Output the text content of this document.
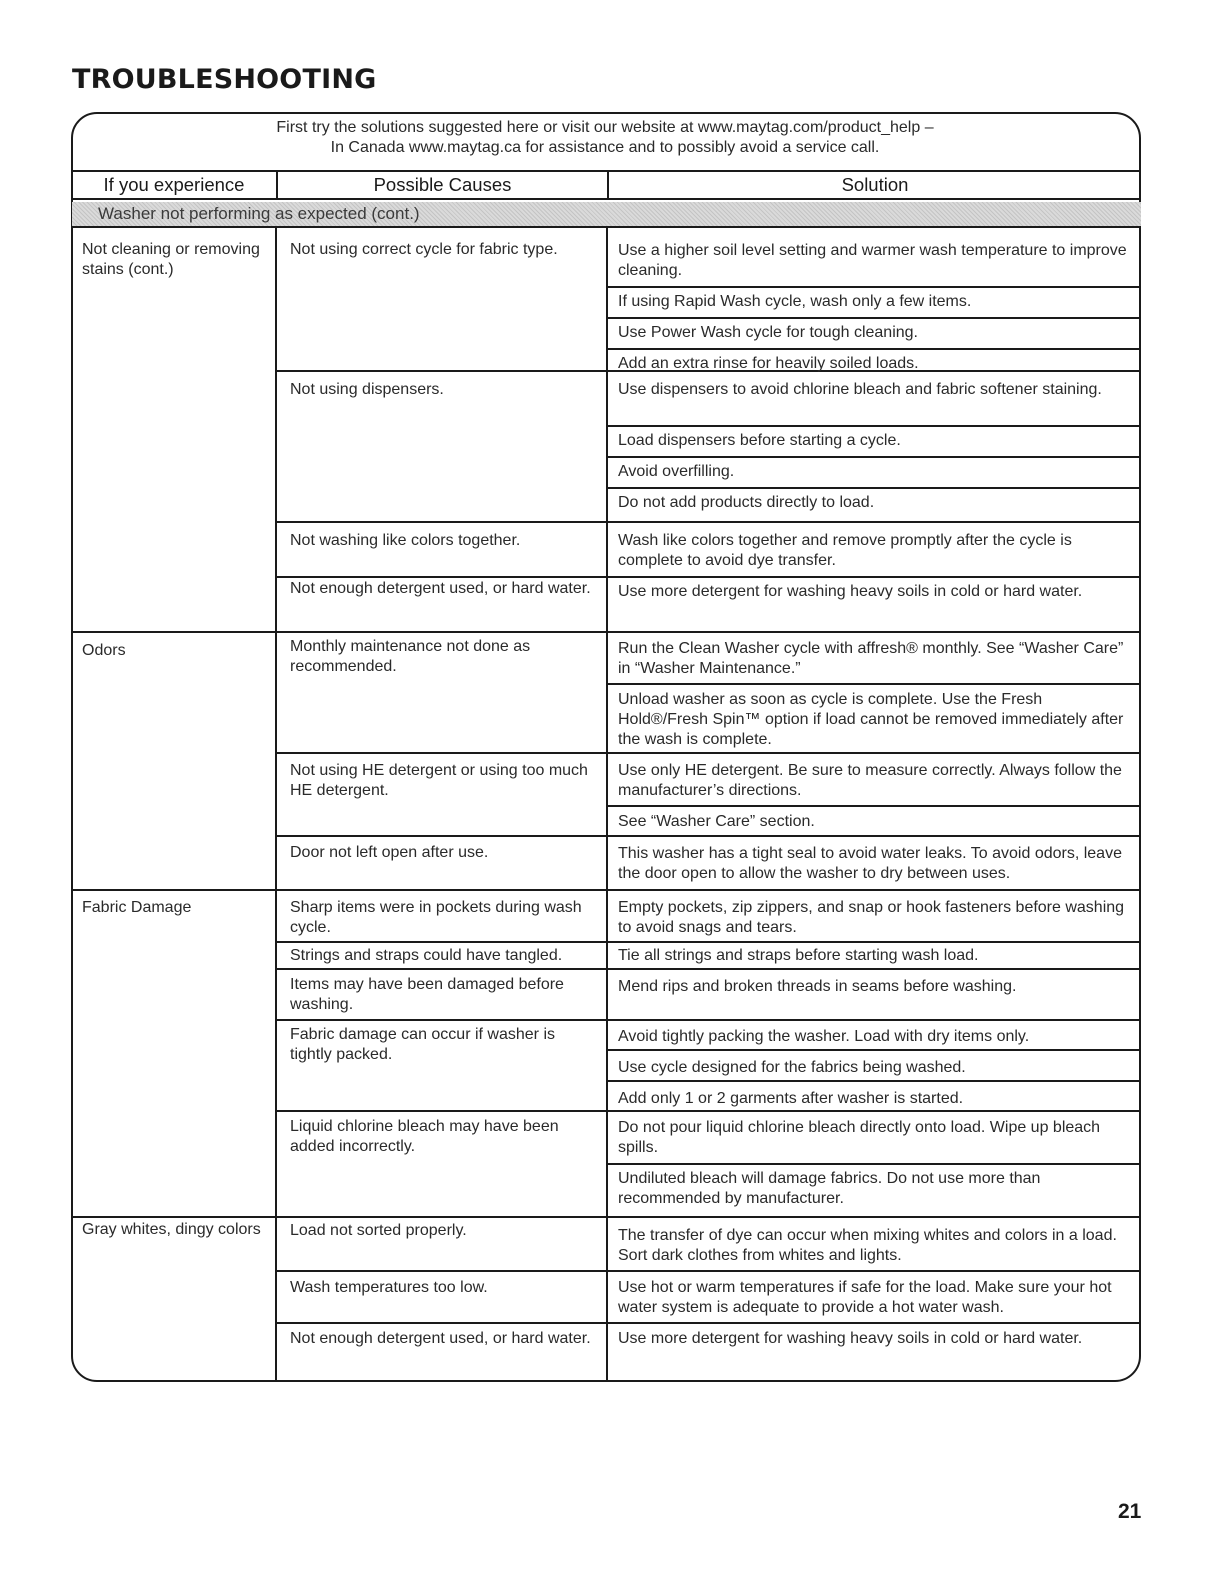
TROUBLESHOOTING
First try the solutions suggested here or visit our website at www.maytag.com/product_help –
In Canada www.maytag.ca for assistance and to possibly avoid a service call.
If you experience	Possible Causes	Solution
Washer not performing as expected (cont.)
Not cleaning or removing stains (cont.)
Odors
Fabric Damage
Gray whites, dingy colors
Not using correct cycle for fabric type.
Not using dispensers.
Not washing like colors together.
Not enough detergent used, or hard water.
Monthly maintenance not done as recommended.
Not using HE detergent or using too much HE detergent.
Door not left open after use.
Sharp items were in pockets during wash cycle.
Strings and straps could have tangled.
Items may have been damaged before washing.
Fabric damage can occur if washer is tightly packed.
Liquid chlorine bleach may have been added incorrectly.
Load not sorted properly.
Wash temperatures too low.
Not enough detergent used, or hard water.
Use a higher soil level setting and warmer wash temperature to improve cleaning.
If using Rapid Wash cycle, wash only a few items.
Use Power Wash cycle for tough cleaning.
Add an extra rinse for heavily soiled loads.
Use dispensers to avoid chlorine bleach and fabric softener staining.
Load dispensers before starting a cycle.
Avoid overfilling.
Do not add products directly to load.
Wash like colors together and remove promptly after the cycle is complete to avoid dye transfer.
Use more detergent for washing heavy soils in cold or hard water.
Run the Clean Washer cycle with affresh® monthly. See “Washer Care” in “Washer Maintenance.”
Unload washer as soon as cycle is complete. Use the Fresh Hold®/Fresh Spin™ option if load cannot be removed immediately after the wash is complete.
Use only HE detergent. Be sure to measure correctly. Always follow the manufacturer’s directions.
See “Washer Care” section.
This washer has a tight seal to avoid water leaks. To avoid odors, leave the door open to allow the washer to dry between uses.
Empty pockets, zip zippers, and snap or hook fasteners before washing to avoid snags and tears.
Tie all strings and straps before starting wash load.
Mend rips and broken threads in seams before washing.
Avoid tightly packing the washer. Load with dry items only.
Use cycle designed for the fabrics being washed.
Add only 1 or 2 garments after washer is started.
Do not pour liquid chlorine bleach directly onto load. Wipe up bleach spills.
Undiluted bleach will damage fabrics. Do not use more than recommended by manufacturer.
The transfer of dye can occur when mixing whites and colors in a load. Sort dark clothes from whites and lights.
Use hot or warm temperatures if safe for the load. Make sure your hot water system is adequate to provide a hot water wash.
Use more detergent for washing heavy soils in cold or hard water.
21
